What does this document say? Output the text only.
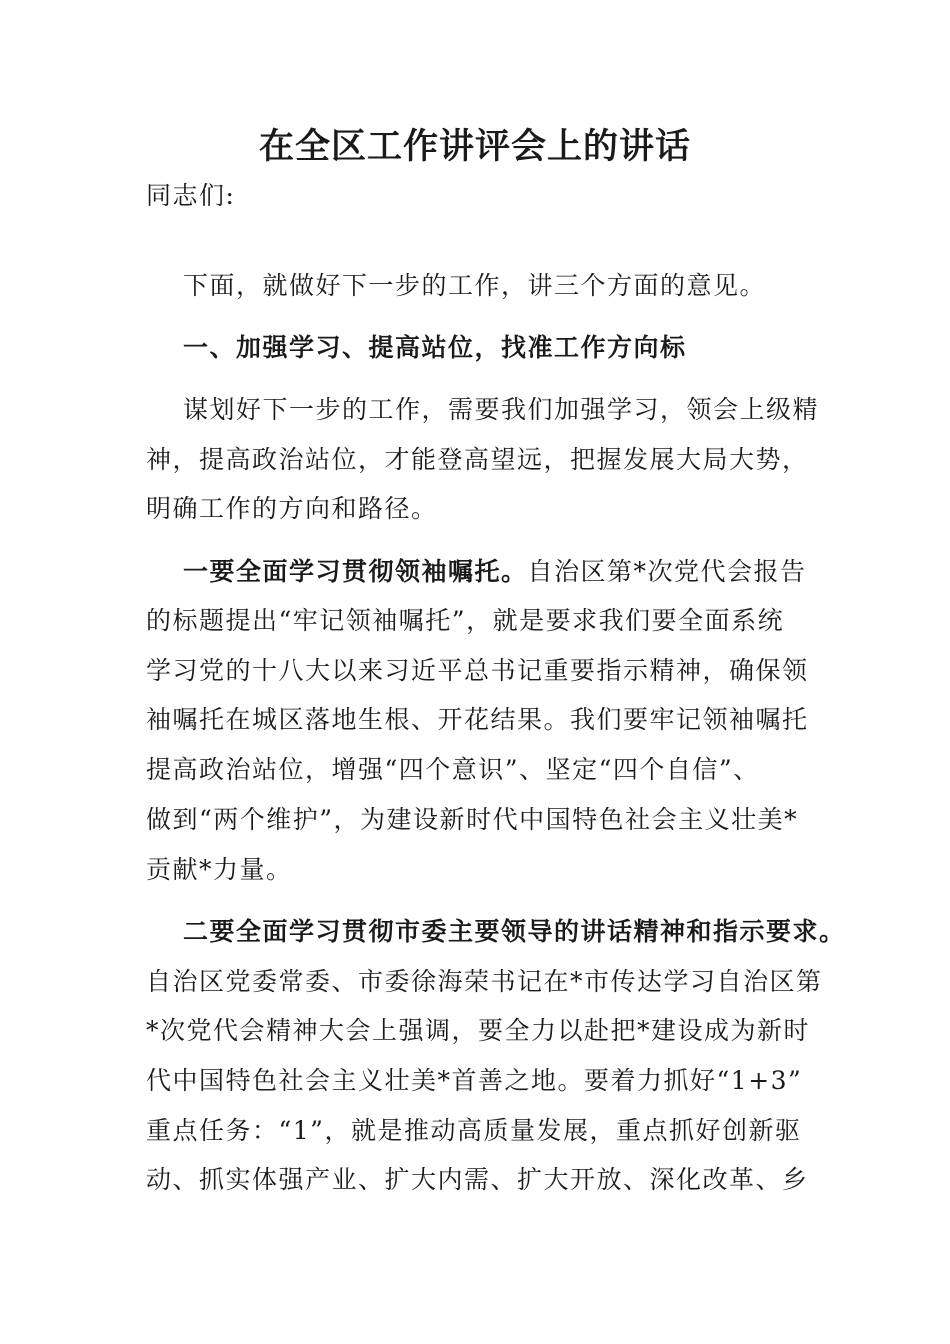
在全区工作讲评会上的讲话
同志们:
下面，就做好下一步的工作，讲三个方面的意见。
一、加强学习、提高站位，找准工作方向标
谋划好下一步的工作，需要我们加强学习，领会上级精
神，提高政治站位，才能登高望远，把握发展大局大势，
明确工作的方向和路径。
一要全面学习贯彻领袖嘱托。自治区第*次党代会报告
的标题提出“牢记领袖嘱托”，就是要求我们要全面系统
学习党的十八大以来习近平总书记重要指示精神，确保领
袖嘱托在城区落地生根、开花结果。我们要牢记领袖嘱托
提高政治站位，增强“四个意识”、坚定“四个自信”、
做到“两个维护”，为建设新时代中国特色社会主义壮美*
贡献*力量。
二要全面学习贯彻市委主要领导的讲话精神和指示要求。
自治区党委常委、市委徐海荣书记在*市传达学习自治区第
*次党代会精神大会上强调，要全力以赴把*建设成为新时
代中国特色社会主义壮美*首善之地。要着力抓好“1+3”
重点任务：“1”，就是推动高质量发展，重点抓好创新驱
动、抓实体强产业、扩大内需、扩大开放、深化改革、乡
